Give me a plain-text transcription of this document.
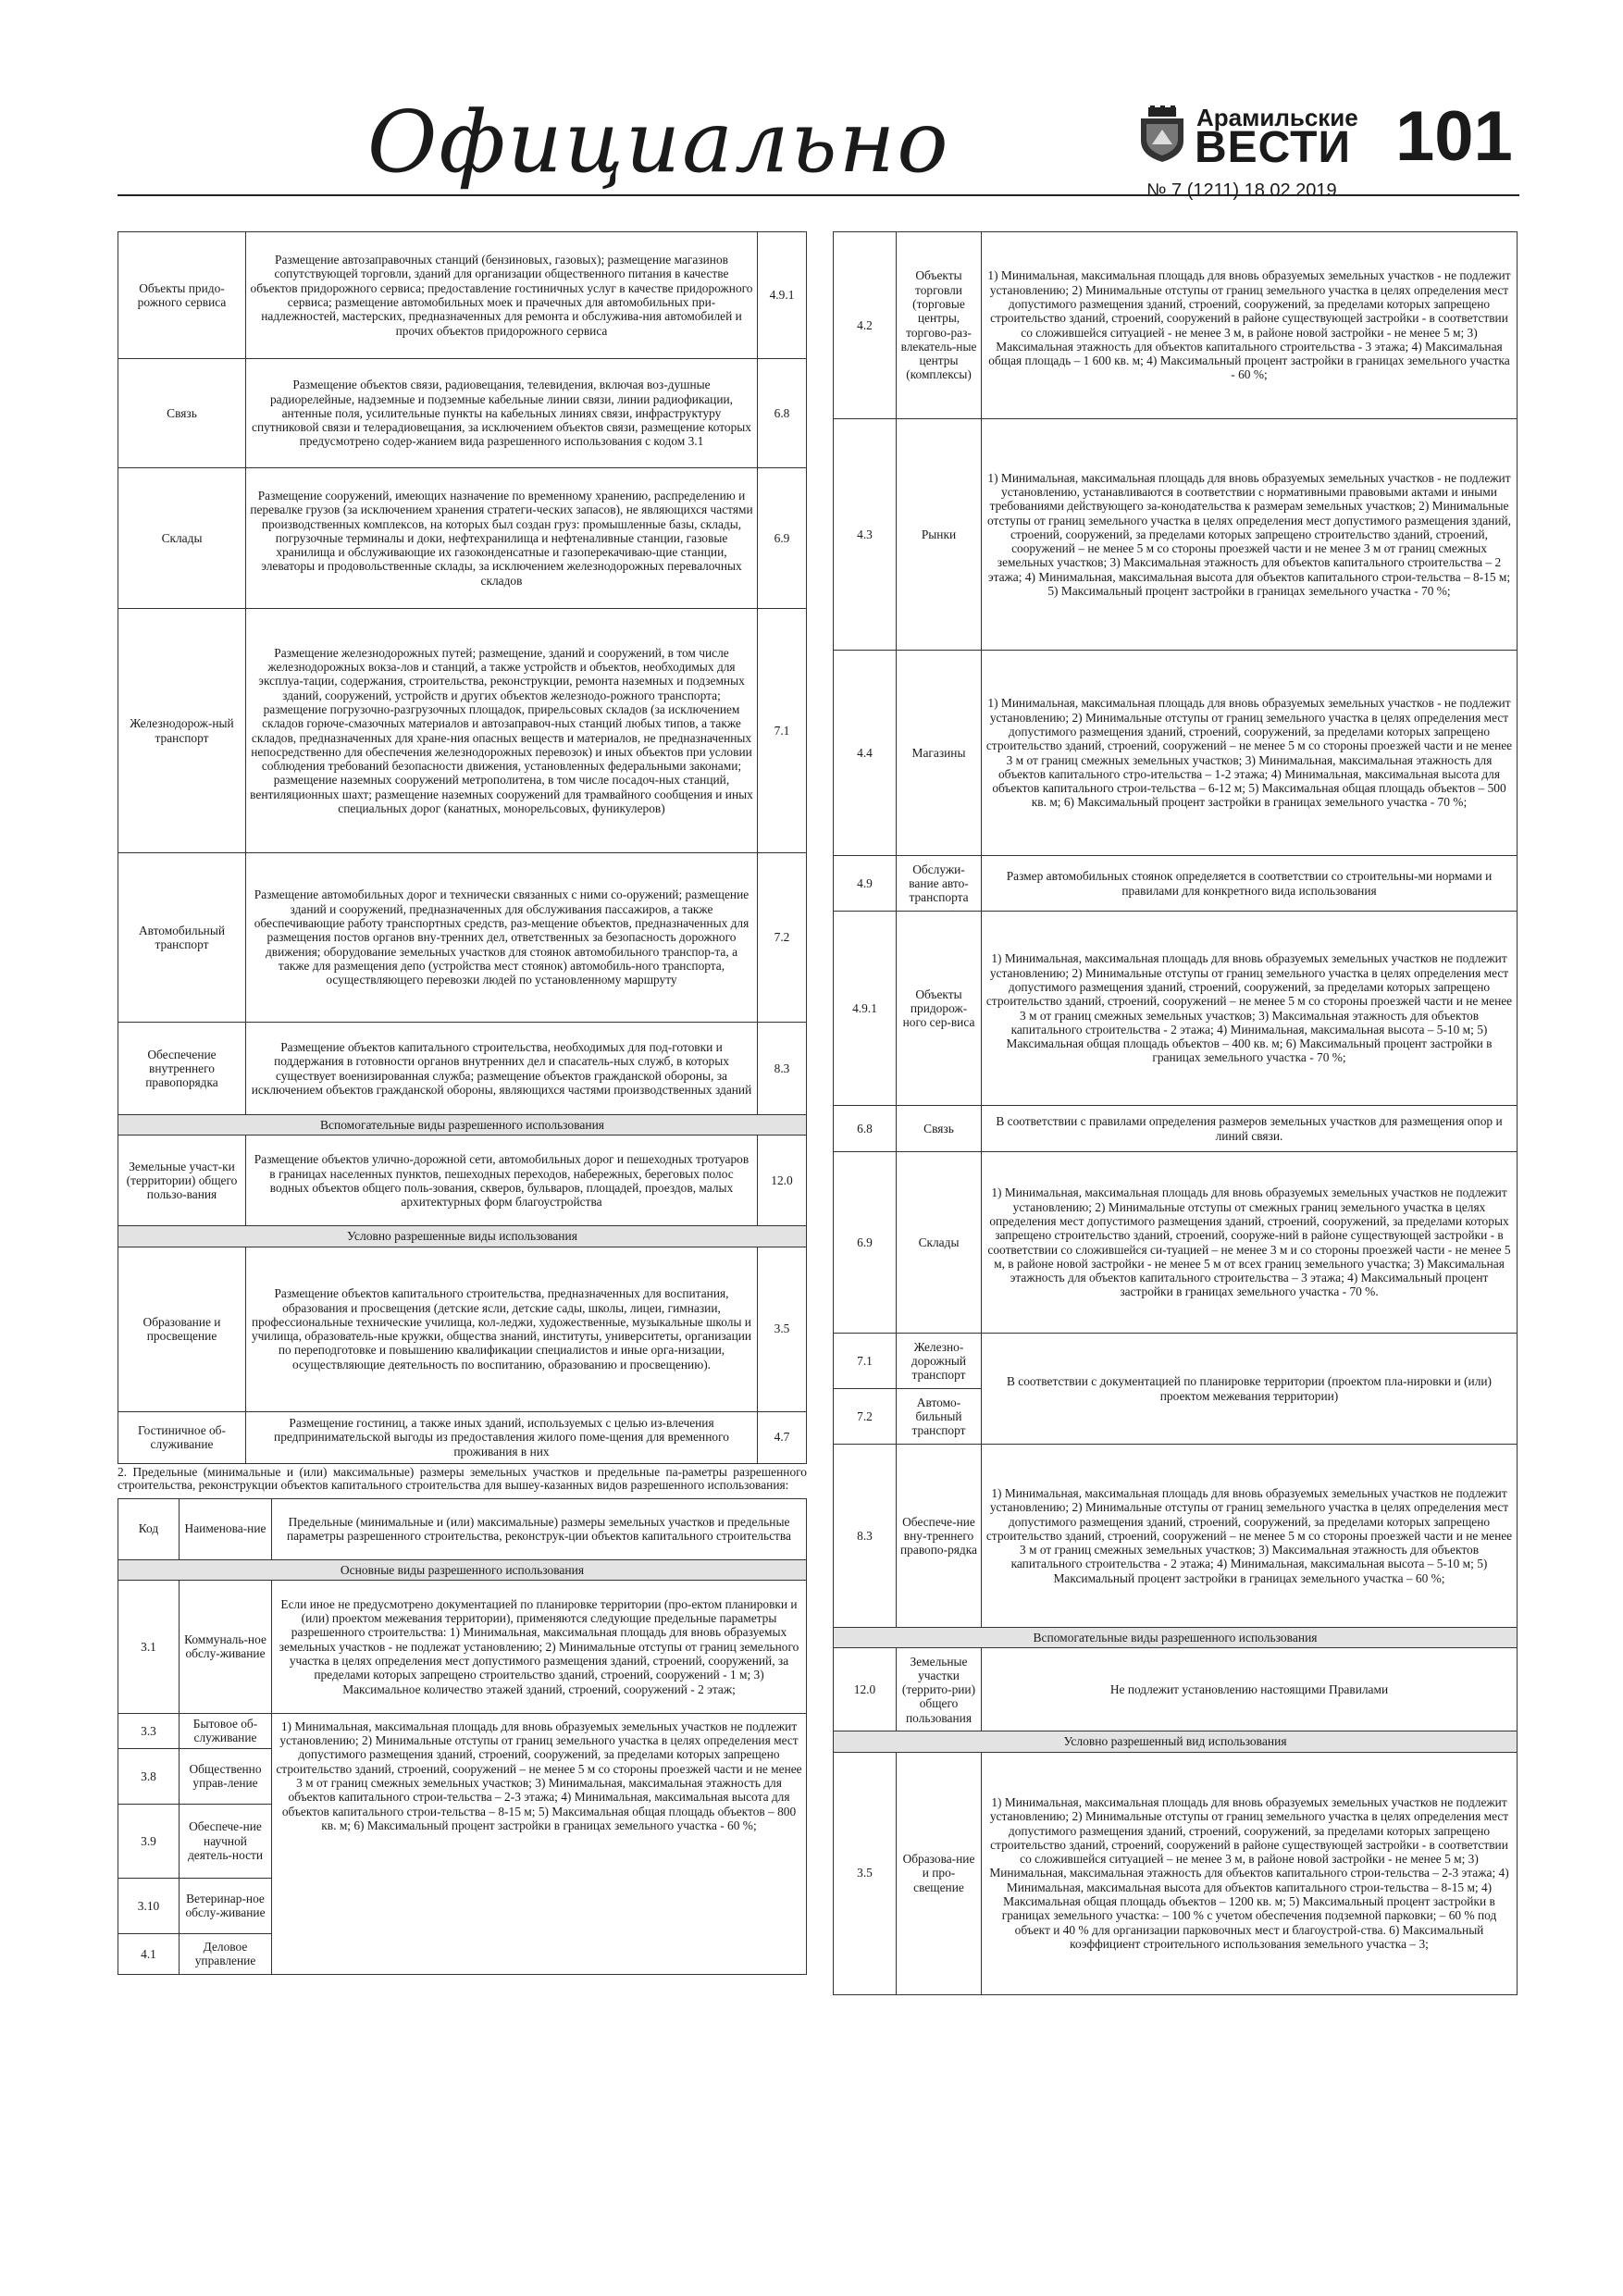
Официально	Арамильские
ВЕСТИ 101
№ 7 (1211) 18.02.2019
Объекты придо-рожного сервиса	Размещение автозаправочных станций (бензиновых, газовых); размещение магазинов сопутствующей торговли, зданий для организации общественного питания в качестве объектов придорожного сервиса; предоставление гостиничных услуг в качестве придорожного сервиса; размещение автомобильных моек и прачечных для автомобильных при-надлежностей, мастерских, предназначенных для ремонта и обслужива-ния автомобилей и прочих объектов придорожного сервиса	4.9.1
Связь	Размещение объектов связи, радиовещания, телевидения, включая воз-душные радиорелейные, надземные и подземные кабельные линии связи, линии радиофикации, антенные поля, усилительные пункты на кабельных линиях связи, инфраструктуру спутниковой связи и телерадиовещания, за исключением объектов связи, размещение которых предусмотрено содер-жанием вида разрешенного использования с кодом 3.1	6.8
Склады	Размещение сооружений, имеющих назначение по временному хранению, распределению и перевалке грузов (за исключением хранения стратеги-ческих запасов), не являющихся частями производственных комплексов, на которых был создан груз: промышленные базы, склады, погрузочные терминалы и доки, нефтехранилища и нефтеналивные станции, газовые хранилища и обслуживающие их газоконденсатные и газоперекачиваю-щие станции, элеваторы и продовольственные склады, за исключением железнодорожных перевалочных складов	6.9
Железнодорож-ный транспорт	Размещение железнодорожных путей; размещение, зданий и сооружений, в том числе железнодорожных вокза-лов и станций, а также устройств и объектов, необходимых для эксплуа-тации, содержания, строительства, реконструкции, ремонта наземных и подземных зданий, сооружений, устройств и других объектов железнодо-рожного транспорта; размещение погрузочно-разгрузочных площадок, прирельсовых складов (за исключением складов горюче-смазочных материалов и автозаправоч-ных станций любых типов, а также складов, предназначенных для хране-ния опасных веществ и материалов, не предназначенных непосредственно для обеспечения железнодорожных перевозок) и иных объектов при условии соблюдения требований безопасности движения, установленных федеральными законами; размещение наземных сооружений метрополитена, в том числе посадоч-ных станций, вентиляционных шахт; размещение наземных сооружений для трамвайного сообщения и иных специальных дорог (канатных, монорельсовых, фуникулеров)	7.1
Автомобильный транспорт	Размещение автомобильных дорог и технически связанных с ними со-оружений; размещение зданий и сооружений, предназначенных для обслуживания пассажиров, а также обеспечивающие работу транспортных средств, раз-мещение объектов, предназначенных для размещения постов органов вну-тренних дел, ответственных за безопасность дорожного движения; оборудование земельных участков для стоянок автомобильного транспор-та, а также для размещения депо (устройства мест стоянок) автомобиль-ного транспорта, осуществляющего перевозки людей по установленному маршруту	7.2
Обеспечение внутреннего правопорядка	Размещение объектов капитального строительства, необходимых для под-готовки и поддержания в готовности органов внутренних дел и спасатель-ных служб, в которых существует военизированная служба; размещение объектов гражданской обороны, за исключением объектов гражданской обороны, являющихся частями производственных зданий	8.3
Вспомогательные виды разрешенного использования		
Земельные участ-ки (территории) общего пользо-вания	Размещение объектов улично-дорожной сети, автомобильных дорог и пешеходных тротуаров в границах населенных пунктов, пешеходных переходов, набережных, береговых полос водных объектов общего поль-зования, скверов, бульваров, площадей, проездов, малых архитектурных форм благоустройства	12.0
Условно разрешенные виды использования		
Образование и просвещение	Размещение объектов капитального строительства, предназначенных для воспитания, образования и просвещения (детские ясли, детские сады, школы, лицеи, гимназии, профессиональные технические училища, кол-леджи, художественные, музыкальные школы и училища, образователь-ные кружки, общества знаний, институты, университеты, организации по переподготовке и повышению квалификации специалистов и иные орга-низации, осуществляющие деятельность по воспитанию, образованию и просвещению).	3.5
Гостиничное об-служивание	Размещение гостиниц, а также иных зданий, используемых с целью из-влечения предпринимательской выгоды из предоставления жилого поме-щения для временного проживания в них	4.7

2. Предельные (минимальные и (или) максимальные) размеры земельных участков и предельные па-раметры разрешенного строительства, реконструкции объектов капитального строительства для вышеу-казанных видов разрешенного использования:

Код	Наименова-ние	Предельные (минимальные и (или) максимальные) размеры земельных участков и предельные параметры разрешенного строительства, реконструк-ции объектов капитального строительства
Основные виды разрешенного использования		
3.1	Коммуналь-ное обслу-живание	Если иное не предусмотрено документацией по планировке территории (про-ектом планировки и (или) проектом межевания территории), применяются следующие предельные параметры разрешенного строительства: 1) Минимальная, максимальная площадь для вновь образуемых земельных участков - не подлежат установлению; 2) Минимальные отступы от границ земельного участка в целях определения мест допустимого размещения зданий, строений, сооружений, за пределами которых запрещено строительство зданий, строений, сооружений - 1 м; 3) Максимальное количество этажей зданий, строений, сооружений - 2 этаж;
3.3	Бытовое об-служивание	1) Минимальная, максимальная площадь для вновь образуемых земельных участков не подлежит установлению; 2) Минимальные отступы от границ земельного участка в целях определения мест допустимого размещения зданий, строений, сооружений, за пределами которых запрещено строительство зданий, строений, сооружений – не менее 5 м со стороны проезжей части и не менее 3 м от границ смежных земельных участков; 3) Минимальная, максимальная этажность для объектов капитального строи-тельства – 2-3 этажа; 4) Минимальная, максимальная высота для объектов капитального строи-тельства – 8-15 м; 5) Максимальная общая площадь объектов – 800 кв. м; 6) Максимальный процент застройки в границах земельного участка - 60 %;
3.8	Общественно управ-ление	
3.9	Обеспече-ние научной деятель-ности	
3.10	Ветеринар-ное обслу-живание	
4.1	Деловое управление	
4.2	Объекты торговли (торговые центры, торгово-раз-влекатель-ные центры (комплексы)	1) Минимальная, максимальная площадь для вновь образуемых земельных участков - не подлежит установлению; 2) Минимальные отступы от границ земельного участка в целях определения мест допустимого размещения зданий, строений, сооружений, за пределами которых запрещено строительство зданий, строений, сооружений в районе существующей застройки - в соответствии со сложившейся ситуацией - не менее 3 м, в районе новой застройки - не менее 5 м; 3) Максимальная этажность для объектов капитального строительства - 3 этажа; 4) Максимальная общая площадь – 1 600 кв. м; 4) Максимальный процент застройки в границах земельного участка - 60 %;
4.3	Рынки	1) Минимальная, максимальная площадь для вновь образуемых земельных участков - не подлежит установлению, устанавливаются в соответствии с нормативными правовыми актами и иными требованиями действующего за-конодательства к размерам земельных участков; 2) Минимальные отступы от границ земельного участка в целях определения мест допустимого размещения зданий, строений, сооружений, за пределами которых запрещено строительство зданий, строений, сооружений – не менее 5 м со стороны проезжей части и не менее 3 м от границ смежных земельных участков; 3) Максимальная этажность для объектов капитального строительства – 2 этажа; 4) Минимальная, максимальная высота для объектов капитального строи-тельства – 8-15 м; 5) Максимальный процент застройки в границах земельного участка - 70 %;
4.4	Магазины	1) Минимальная, максимальная площадь для вновь образуемых земельных участков - не подлежит установлению; 2) Минимальные отступы от границ земельного участка в целях определения мест допустимого размещения зданий, строений, сооружений, за пределами которых запрещено строительство зданий, строений, сооружений – не менее 5 м со стороны проезжей части и не менее 3 м от границ смежных земельных участков; 3) Минимальная, максимальная этажность для объектов капитального стро-ительства – 1-2 этажа; 4) Минимальная, максимальная высота для объектов капитального строи-тельства – 6-12 м; 5) Максимальная общая площадь объектов – 500 кв. м; 6) Максимальный процент застройки в границах земельного участка - 70 %;
4.9	Обслужи-вание авто-транспорта	Размер автомобильных стоянок определяется в соответствии со строительны-ми нормами и правилами для конкретного вида использования
4.9.1	Объекты придорож-ного сер-виса	1) Минимальная, максимальная площадь для вновь образуемых земельных участков не подлежит установлению; 2) Минимальные отступы от границ земельного участка в целях определения мест допустимого размещения зданий, строений, сооружений, за пределами которых запрещено строительство зданий, строений, сооружений – не менее 5 м со стороны проезжей части и не менее 3 м от границ смежных земельных участков; 3) Максимальная этажность для объектов капитального строительства - 2 этажа; 4) Минимальная, максимальная высота – 5-10 м; 5) Максимальная общая площадь объектов – 400 кв. м; 6) Максимальный процент застройки в границах земельного участка - 70 %;
6.8	Связь	В соответствии с правилами определения размеров земельных участков для размещения опор и линий связи.
6.9	Склады	1) Минимальная, максимальная площадь для вновь образуемых земельных участков не подлежит установлению; 2) Минимальные отступы от смежных границ земельного участка в целях определения мест допустимого размещения зданий, строений, сооружений, за пределами которых запрещено строительство зданий, строений, сооруже-ний в районе существующей застройки - в соответствии со сложившейся си-туацией – не менее 3 м и со стороны проезжей части - не менее 5 м, в районе новой застройки - не менее 5 м от всех границ земельного участка; 3) Максимальная этажность для объектов капитального строительства – 3 этажа; 4) Максимальный процент застройки в границах земельного участка - 70 %.
7.1	Железно-дорожный транспорт	В соответствии с документацией по планировке территории (проектом пла-нировки и (или) проектом межевания территории)
7.2	Автомо-бильный транспорт	
8.3	Обеспече-ние вну-треннего правопо-рядка	1) Минимальная, максимальная площадь для вновь образуемых земельных участков не подлежит установлению; 2) Минимальные отступы от границ земельного участка в целях определения мест допустимого размещения зданий, строений, сооружений, за пределами которых запрещено строительство зданий, строений, сооружений – не менее 5 м со стороны проезжей части и не менее 3 м от границ смежных земельных участков; 3) Максимальная этажность для объектов капитального строительства - 2 этажа; 4) Минимальная, максимальная высота – 5-10 м; 5) Максимальный процент застройки в границах земельного участка – 60 %;
Вспомогательные виды разрешенного использования		
12.0	Земельные участки (террито-рии) общего пользования	Не подлежит установлению настоящими Правилами
Условно разрешенный вид использования		
3.5	Образова-ние и про-свещение	1) Минимальная, максимальная площадь для вновь образуемых земельных участков не подлежит установлению; 2) Минимальные отступы от границ земельного участка в целях определения мест допустимого размещения зданий, строений, сооружений, за пределами которых запрещено строительство зданий, строений, сооружений в районе существующей застройки - в соответствии со сложившейся ситуацией – не менее 3 м, в районе новой застройки - не менее 5 м; 3) Минимальная, максимальная этажность для объектов капитального строи-тельства – 2-3 этажа; 4) Минимальная, максимальная высота для объектов капитального строи-тельства – 8-15 м; 4) Максимальная общая площадь объектов – 1200 кв. м; 5) Максимальный процент застройки в границах земельного участка: – 100 % с учетом обеспечения подземной парковки; – 60 % под объект и 40 % для организации парковочных мест и благоустрой-ства. 6) Максимальный коэффициент строительного использования земельного участка – 3;
